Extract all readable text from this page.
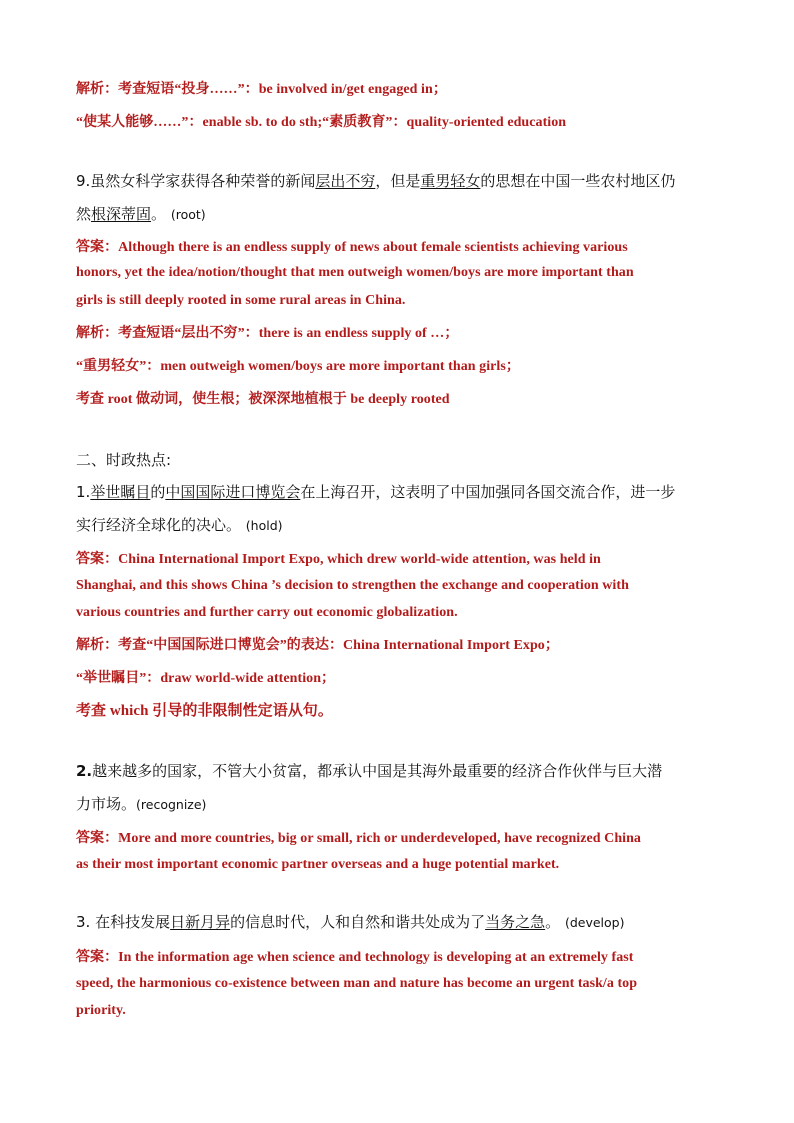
解析：考查短语“投身……”：be involved in/get engaged in；
“使某人能够……”：enable sb. to do sth;“素质教育”：quality-oriented education
9.虽然女科学家获得各种荣誉的新闻层出不穷，但是重男轻女的思想在中国一些农村地区仍
然根深蒂固。 (root)
答案：Although there is an endless supply of news about female scientists achieving various
honors, yet the idea/notion/thought that men outweigh women/boys are more important than
girls is still deeply rooted in some rural areas in China.
解析：考查短语“层出不穷”：there is an endless supply of …；
“重男轻女”：men outweigh women/boys are more important than girls；
考查 root 做动词，使生根；被深深地植根于 be deeply rooted
二、时政热点:
1.举世瞩目的中国国际进口博览会在上海召开，这表明了中国加强同各国交流合作，进一步
实行经济全球化的决心。 (hold)
答案：China International Import Expo, which drew world-wide attention, was held in
Shanghai, and this shows China ’s decision to strengthen the exchange and cooperation with
various countries and further carry out economic globalization.
解析：考查“中国国际进口博览会”的表达：China International Import Expo；
“举世瞩目”：draw world-wide attention；
考查 which 引导的非限制性定语从句。
2.越来越多的国家，不管大小贫富，都承认中国是其海外最重要的经济合作伙伴与巨大潜
力市场。(recognize)
答案：More and more countries, big or small, rich or underdeveloped, have recognized China
as their most important economic partner overseas and a huge potential market.
3. 在科技发展日新月异的信息时代，人和自然和谐共处成为了当务之急。 (develop)
答案：In the information age when science and technology is developing at an extremely fast
speed, the harmonious co-existence between man and nature has become an urgent task/a top
priority.
